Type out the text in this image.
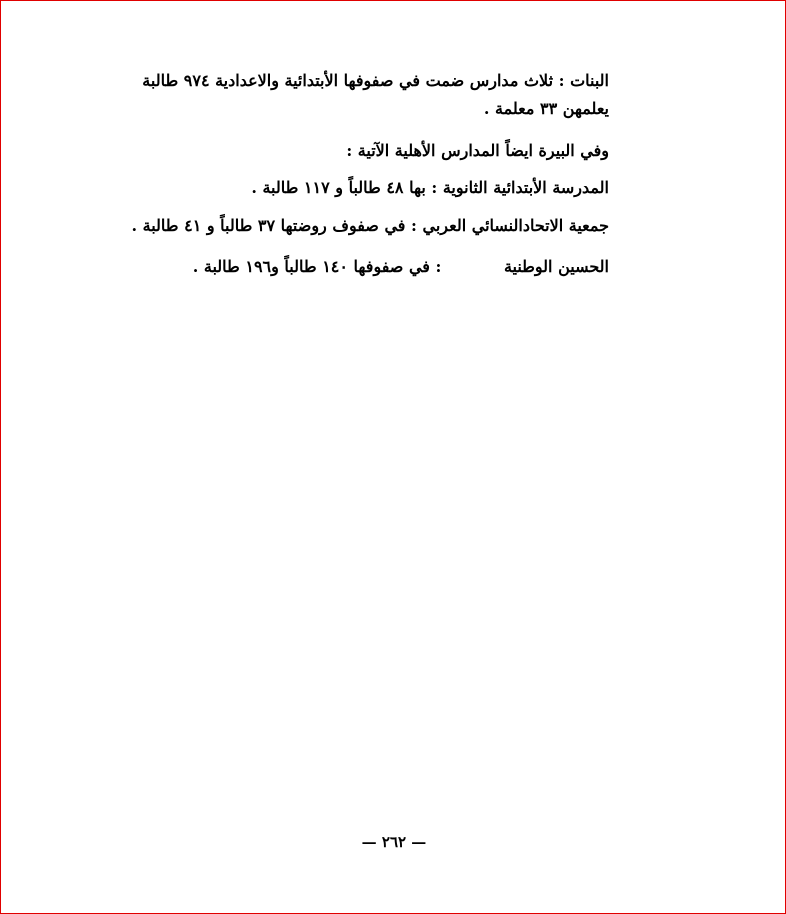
البنات : ثلاث مدارس ضمت في صفوفها الأبتدائية والاعدادية ٩٧٤ طالبة
يعلمهن ٣٣ معلمة .
وفي البيرة ايضاً المدارس الأهلية الآتية :
المدرسة الأبتدائية الثانوية : بها ٤٨ طالباً و ١١٧ طالبة .
جمعية الاتحادالنسائي العربي : في صفوف روضتها ٣٧ طالباً و ٤١ طالبة .
الحسين الوطنية : في صفوفها ١٤٠ طالباً و١٩٦ طالبة .
— ٢٦٢ —
